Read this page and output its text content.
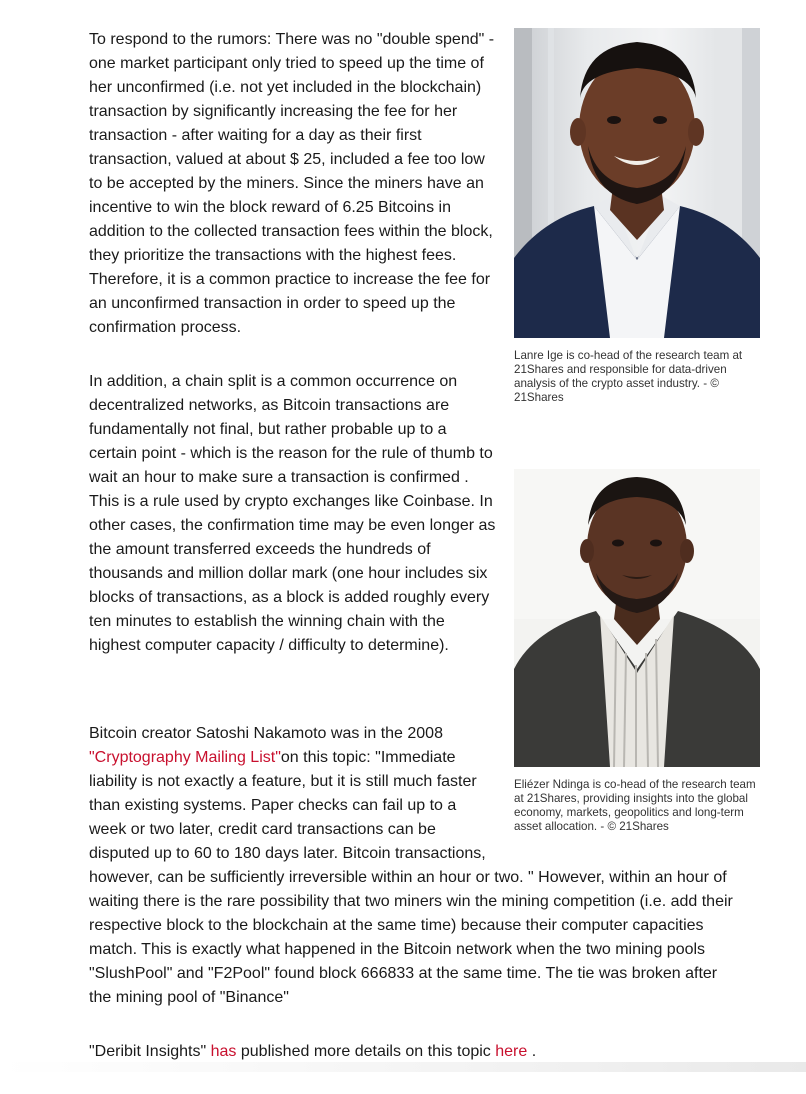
Lanre Ige is co-head of the research team at 21Shares and responsible for data-driven analysis of the crypto asset industry. - © 21Shares

To respond to the rumors: There was no "double spend" - one market participant only tried to speed up the time of her unconfirmed (i.e. not yet included in the blockchain) transaction by significantly increasing the fee for her transaction - after waiting for a day as their first transaction, valued at about $ 25, included a fee too low to be accepted by the miners. Since the miners have an incentive to win the block reward of 6.25 Bitcoins in addition to the collected transaction fees within the block, they prioritize the transactions with the highest fees. Therefore, it is a common practice to increase the fee for an unconfirmed transaction in order to speed up the confirmation process.

Eliézer Ndinga is co-head of the research team at 21Shares, providing insights into the global economy, markets, geopolitics and long-term asset allocation. - © 21Shares

In addition, a chain split is a common occurrence on decentralized networks, as Bitcoin transactions are fundamentally not final, but rather probable up to a certain point - which is the reason for the rule of thumb to wait an hour to make sure a transaction is confirmed . This is a rule used by crypto exchanges like Coinbase. In other cases, the confirmation time may be even longer as the amount transferred exceeds the hundreds of thousands and million dollar mark (one hour includes six blocks of transactions, as a block is added roughly every ten minutes to establish the winning chain with the highest computer capacity / difficulty to determine).

Bitcoin creator Satoshi Nakamoto was in the 2008 "Cryptography Mailing List"on this topic: "Immediate liability is not exactly a feature, but it is still much faster than existing systems. Paper checks can fail up to a week or two later, credit card transactions can be disputed up to 60 to 180 days later. Bitcoin transactions, however, can be sufficiently irreversible within an hour or two. " However, within an hour of waiting there is the rare possibility that two miners win the mining competition (i.e. add their respective block to the blockchain at the same time) because their computer capacities match. This is exactly what happened in the Bitcoin network when the two mining pools "SlushPool" and "F2Pool" found block 666833 at the same time. The tie was broken after the mining pool of "Binance"

"Deribit Insights" has published more details on this topic here .
